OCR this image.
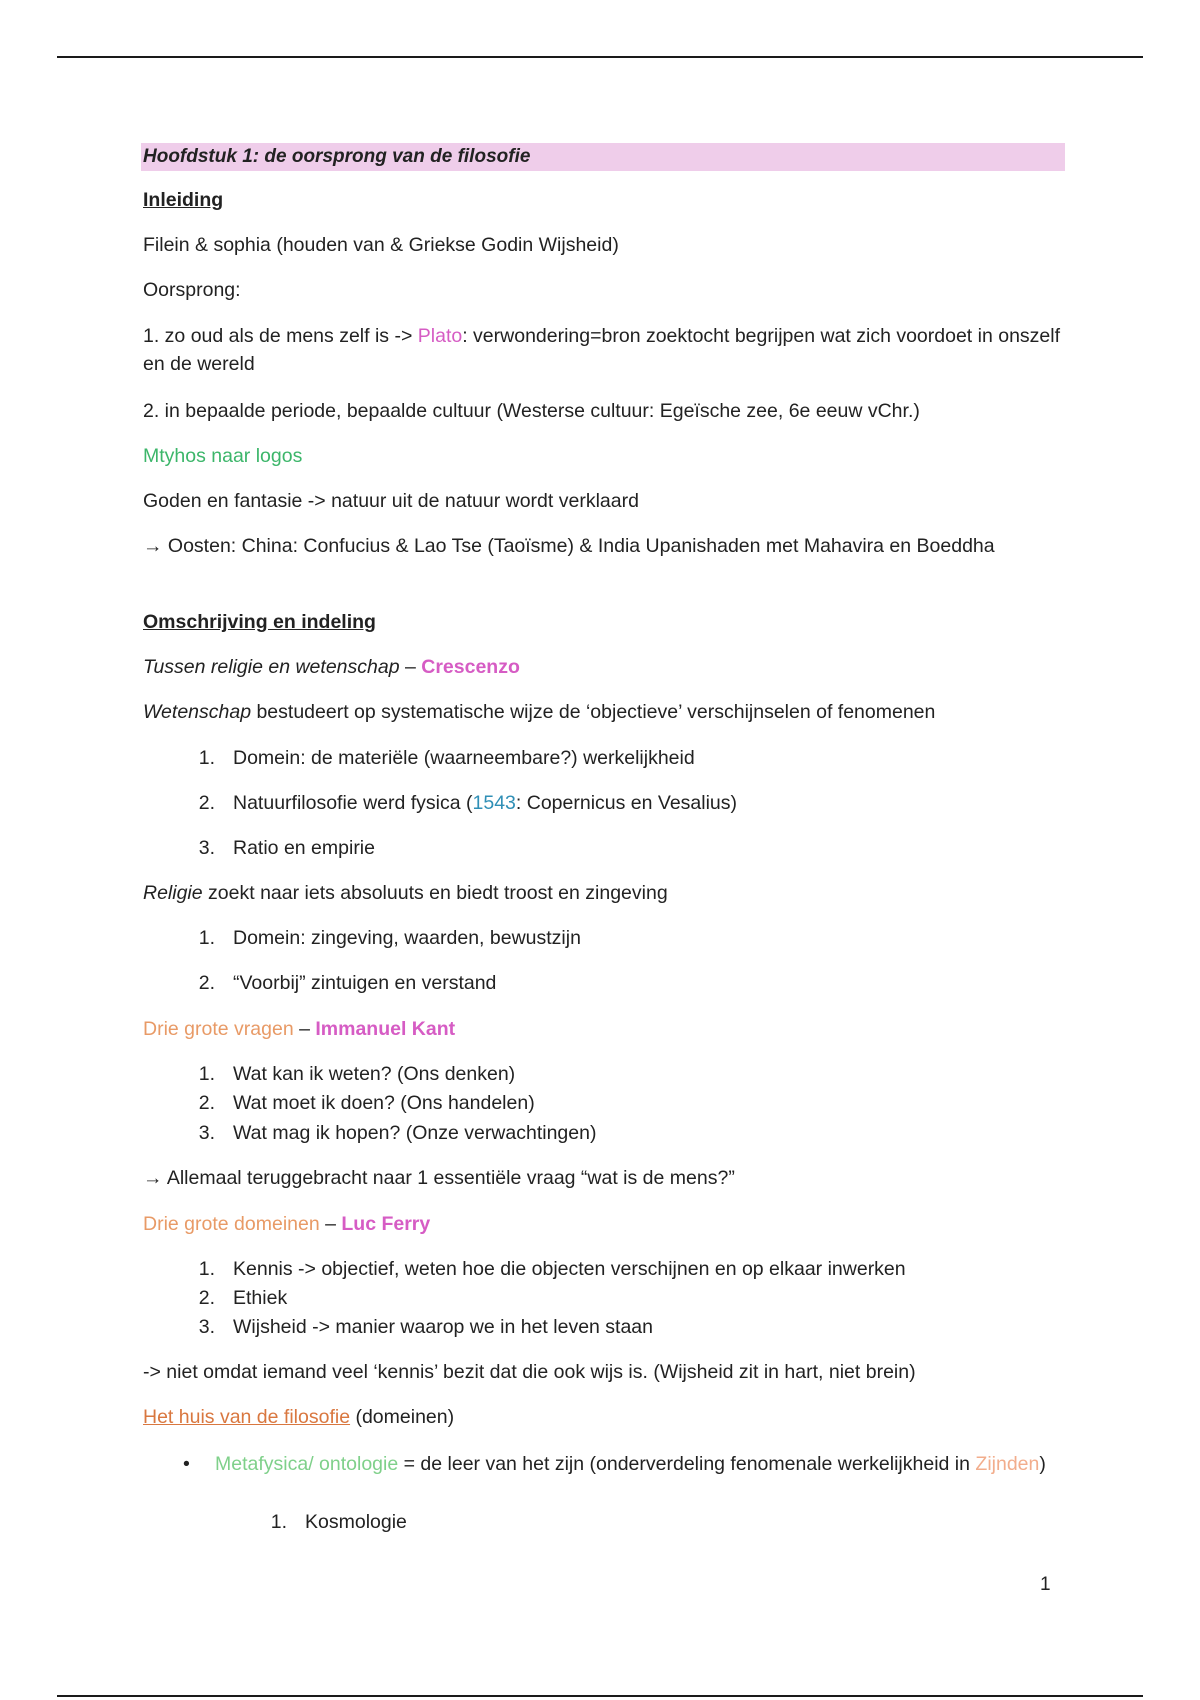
Hoofdstuk 1: de oorsprong van de filosofie
Inleiding
Filein & sophia (houden van & Griekse Godin Wijsheid)
Oorsprong:
1. zo oud als de mens zelf is -> Plato: verwondering=bron zoektocht begrijpen wat zich voordoet in onszelf en de wereld
2. in bepaalde periode, bepaalde cultuur (Westerse cultuur: Egeïsche zee, 6e eeuw vChr.)
Mtyhos naar logos
Goden en fantasie -> natuur uit de natuur wordt verklaard
→ Oosten: China: Confucius & Lao Tse (Taoïsme) & India Upanishaden met Mahavira en Boeddha
Omschrijving en indeling
Tussen religie en wetenschap – Crescenzo
Wetenschap bestudeert op systematische wijze de ‘objectieve’ verschijnselen of fenomenen
1. Domein: de materiële (waarneembare?) werkelijkheid
2. Natuurfilosofie werd fysica (1543: Copernicus en Vesalius)
3. Ratio en empirie
Religie zoekt naar iets absoluuts en biedt troost en zingeving
1. Domein: zingeving, waarden, bewustzijn
2. “Voorbij” zintuigen en verstand
Drie grote vragen – Immanuel Kant
1. Wat kan ik weten? (Ons denken)
2. Wat moet ik doen? (Ons handelen)
3. Wat mag ik hopen? (Onze verwachtingen)
→ Allemaal teruggebracht naar 1 essentiële vraag “wat is de mens?”
Drie grote domeinen – Luc Ferry
1. Kennis -> objectief, weten hoe die objecten verschijnen en op elkaar inwerken
2. Ethiek
3. Wijsheid -> manier waarop we in het leven staan
-> niet omdat iemand veel ‘kennis’ bezit dat die ook wijs is. (Wijsheid zit in hart, niet brein)
Het huis van de filosofie (domeinen)
• Metafysica/ ontologie = de leer van het zijn (onderverdeling fenomenale werkelijkheid in Zijnden)
1. Kosmologie
1
